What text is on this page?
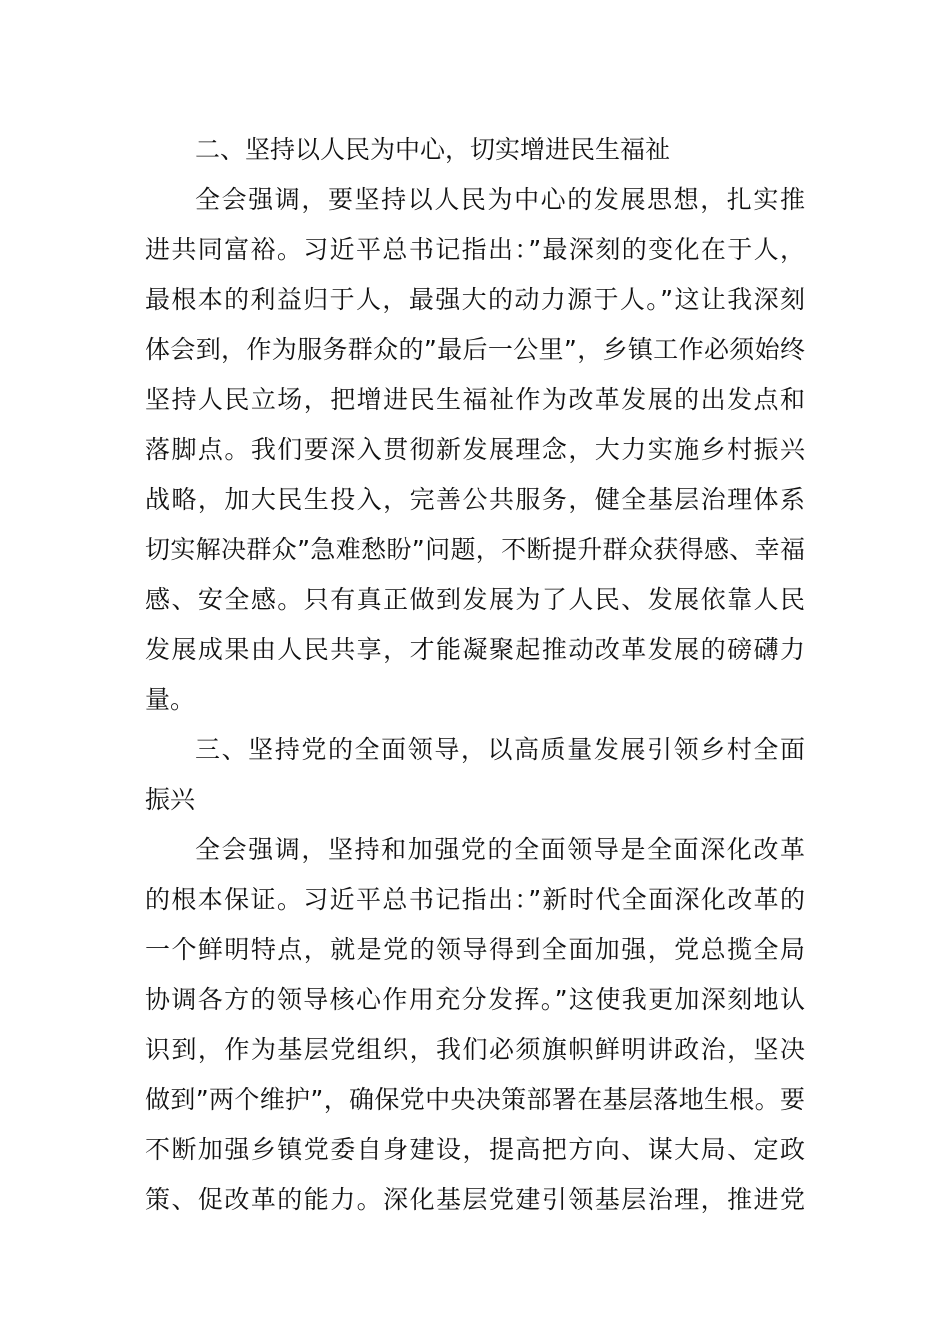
二、坚持以人民为中心，切实增进民生福祉
全会强调，要坚持以人民为中心的发展思想，扎实推
进共同富裕。习近平总书记指出：”最深刻的变化在于人，
最根本的利益归于人，最强大的动力源于人。”这让我深刻
体会到，作为服务群众的”最后一公里”，乡镇工作必须始终
坚持人民立场，把增进民生福祉作为改革发展的出发点和
落脚点。我们要深入贯彻新发展理念，大力实施乡村振兴
战略，加大民生投入，完善公共服务，健全基层治理体系
切实解决群众”急难愁盼”问题，不断提升群众获得感、幸福
感、安全感。只有真正做到发展为了人民、发展依靠人民
发展成果由人民共享，才能凝聚起推动改革发展的磅礴力
量。
三、坚持党的全面领导，以高质量发展引领乡村全面
振兴
全会强调，坚持和加强党的全面领导是全面深化改革
的根本保证。习近平总书记指出：”新时代全面深化改革的
一个鲜明特点，就是党的领导得到全面加强，党总揽全局
协调各方的领导核心作用充分发挥。”这使我更加深刻地认
识到，作为基层党组织，我们必须旗帜鲜明讲政治，坚决
做到”两个维护”，确保党中央决策部署在基层落地生根。要
不断加强乡镇党委自身建设，提高把方向、谋大局、定政
策、促改革的能力。深化基层党建引领基层治理，推进党
